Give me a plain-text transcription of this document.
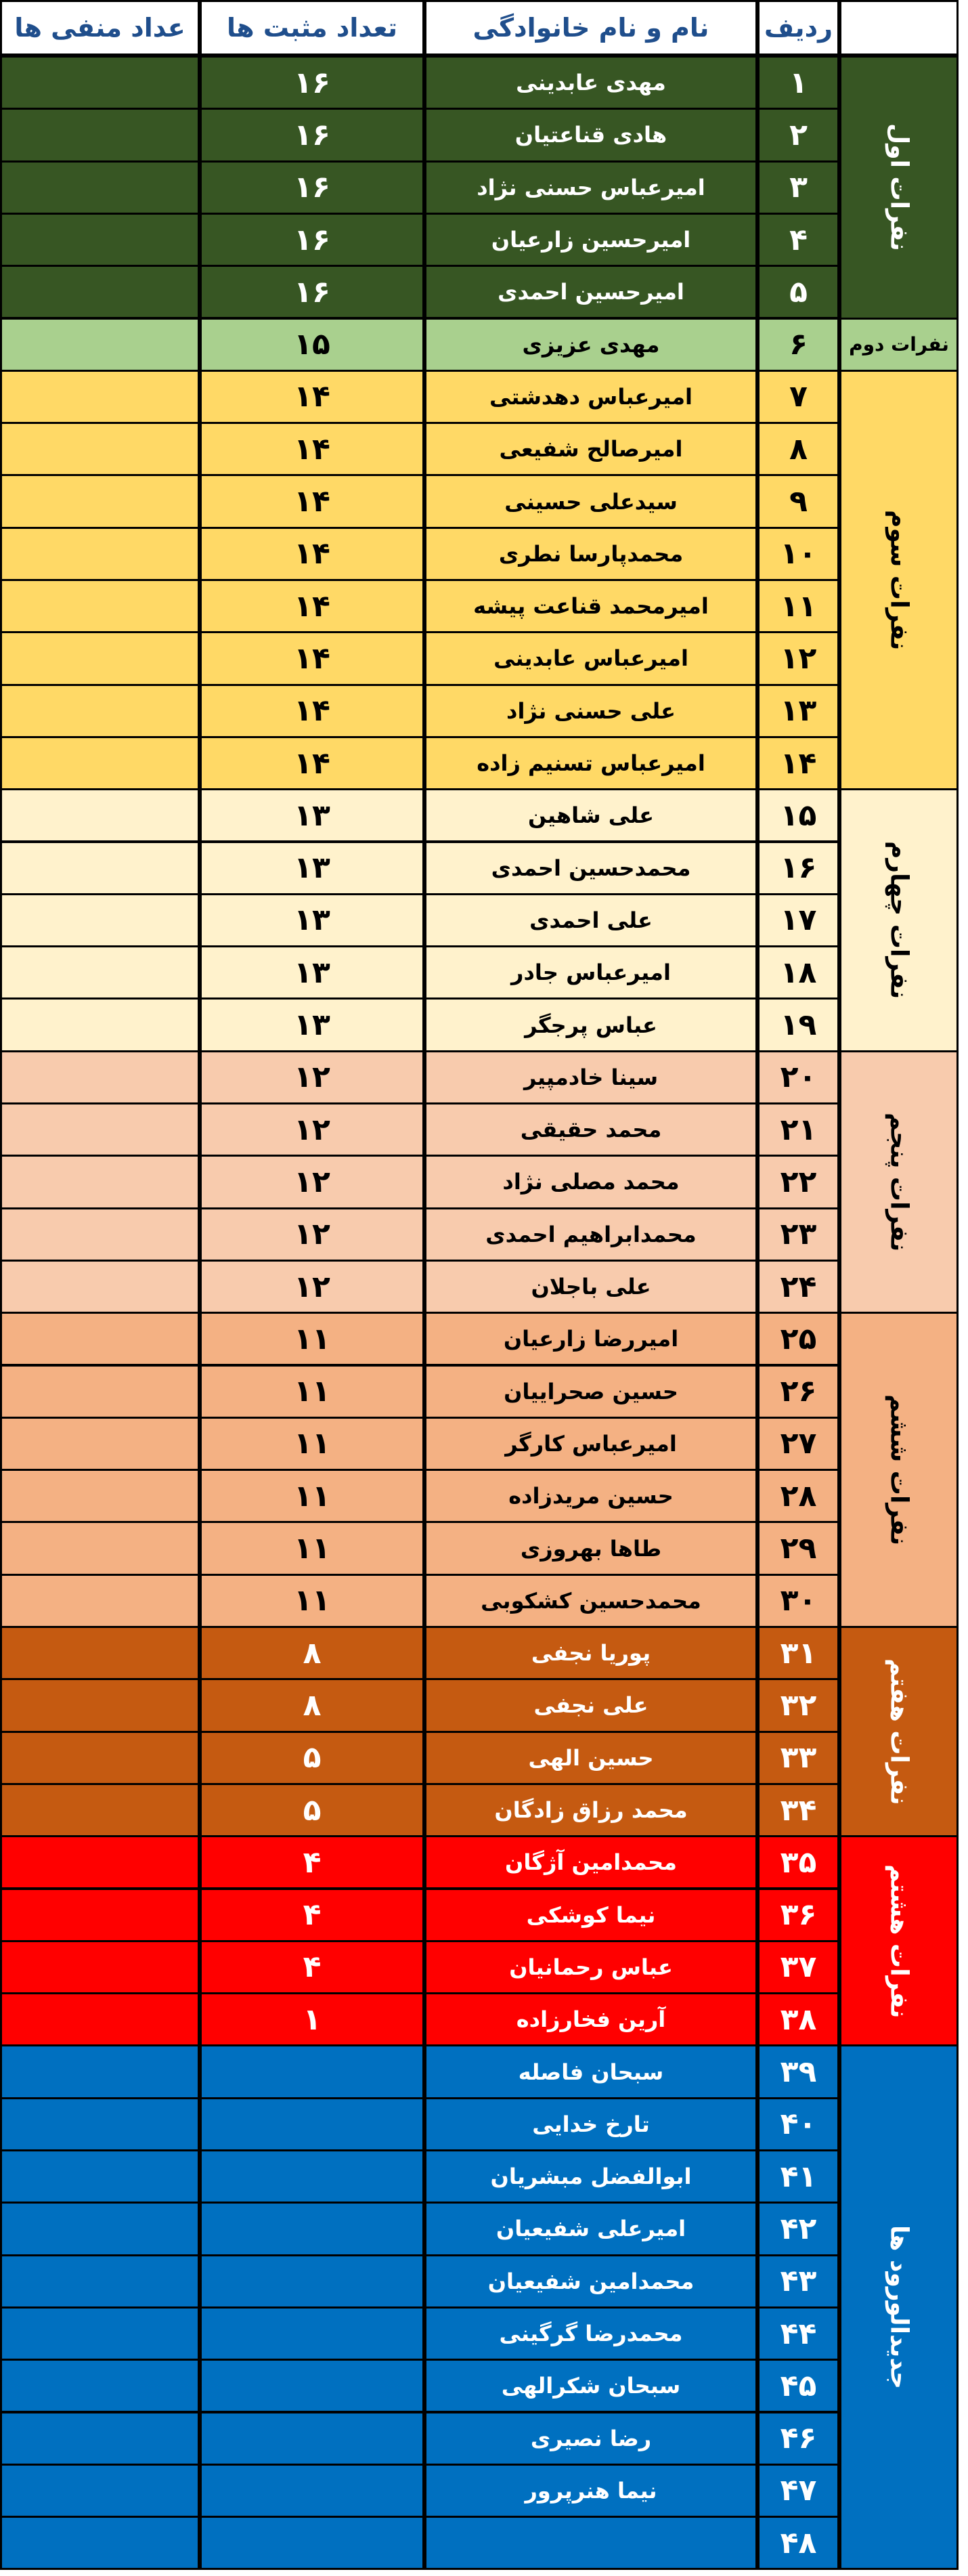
عداد منفی ها	تعداد مثبت ها	نام و نام خانوادگی	ردیف
نفرات اول
۱۶	مهدی عابدینی	۱
۱۶	هادی قناعتیان	۲
۱۶	امیرعباس حسنی نژاد	۳
۱۶	امیرحسین زارعیان	۴
۱۶	امیرحسین احمدی	۵
نفرات دوم
۱۵	مهدی عزیزی	۶
نفرات سوم
۱۴	امیرعباس دهدشتی	۷
۱۴	امیرصالح شفیعی	۸
۱۴	سیدعلی حسینی	۹
۱۴	محمدپارسا نطری	۱۰
۱۴	امیرمحمد قناعت پیشه	۱۱
۱۴	امیرعباس عابدینی	۱۲
۱۴	علی حسنی نژاد	۱۳
۱۴	امیرعباس تسنیم زاده	۱۴
نفرات چهارم
۱۳	علی شاهین	۱۵
۱۳	محمدحسین احمدی	۱۶
۱۳	علی احمدی	۱۷
۱۳	امیرعباس جادر	۱۸
۱۳	عباس پرجگر	۱۹
نفرات پنجم
۱۲	سینا خادمپیر	۲۰
۱۲	محمد حقیقی	۲۱
۱۲	محمد مصلی نژاد	۲۲
۱۲	محمدابراهیم احمدی	۲۳
۱۲	علی باجلان	۲۴
نفرات ششم
۱۱	امیررضا زارعیان	۲۵
۱۱	حسین صحراییان	۲۶
۱۱	امیرعباس کارگر	۲۷
۱۱	حسین مریدزاده	۲۸
۱۱	طاها بهروزی	۲۹
۱۱	محمدحسین کشکوبی	۳۰
نفرات هفتم
۸	پوریا نجفی	۳۱
۸	علی نجفی	۳۲
۵	حسین الهی	۳۳
۵	محمد رزاق زادگان	۳۴
نفرات هشتم
۴	محمدامین آژگان	۳۵
۴	نیما کوشکی	۳۶
۴	عباس رحمانیان	۳۷
۱	آرین فخارزاده	۳۸
جدیدالورود ها
سبحان فاصله	۳۹
تارخ خدایی	۴۰
ابوالفضل مبشریان	۴۱
امیرعلی شفیعیان	۴۲
محمدامین شفیعیان	۴۳
محمدرضا گرگینی	۴۴
سبحان شکرالهی	۴۵
رضا نصیری	۴۶
نیما هنرپرور	۴۷
۴۸
